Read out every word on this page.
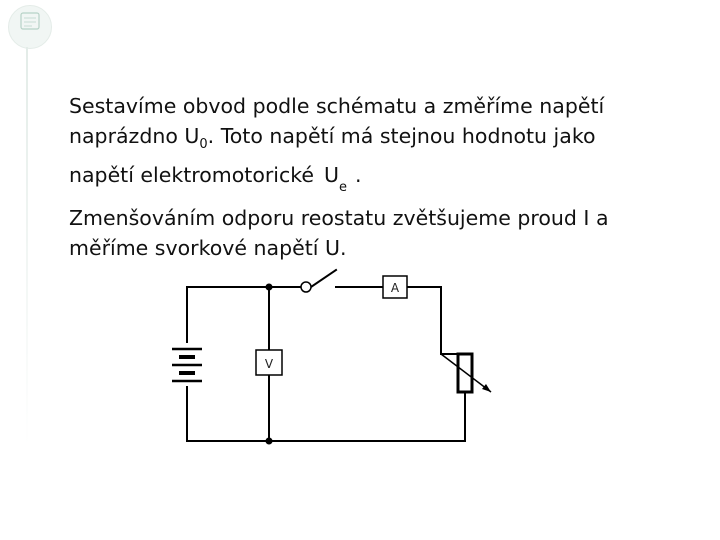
Sestavíme obvod podle schématu a změříme napětí
naprázdno $U_0$. Toto napětí má stejnou hodnotu jako
napětí elektromotorické $U_e$.
Zmenšováním odporu reostatu zvětšujeme proud I a
měříme svorkové napětí U.
A
V
